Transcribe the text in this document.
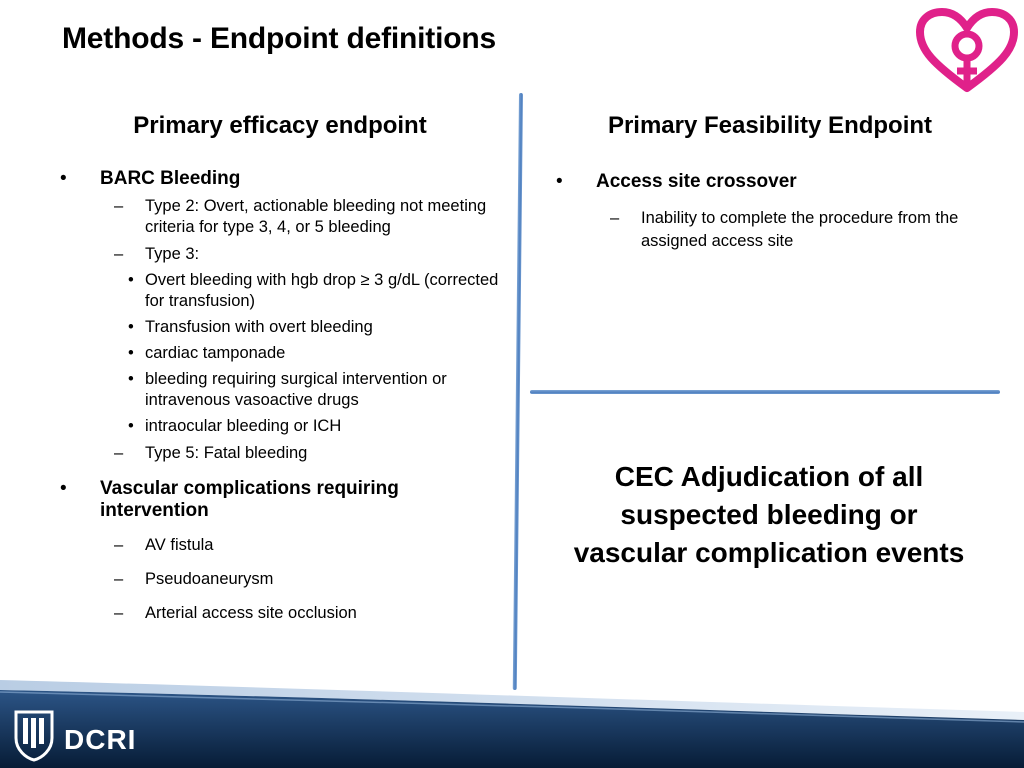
Methods - Endpoint definitions
Primary efficacy endpoint	Primary Feasibility Endpoint
• BARC Bleeding
– Type 2: Overt, actionable bleeding not meeting criteria for type 3, 4, or 5 bleeding
– Type 3:
• Overt bleeding with hgb drop ≥ 3 g/dL (corrected for transfusion)
• Transfusion with overt bleeding
• cardiac tamponade
• bleeding requiring surgical intervention or intravenous vasoactive drugs
• intraocular bleeding or ICH
– Type 5: Fatal bleeding
• Vascular complications requiring intervention
– AV fistula
– Pseudoaneurysm
– Arterial access site occlusion
• Access site crossover
– Inability to complete the procedure from the assigned access site

CEC Adjudication of all suspected bleeding or vascular complication events

DCRI
